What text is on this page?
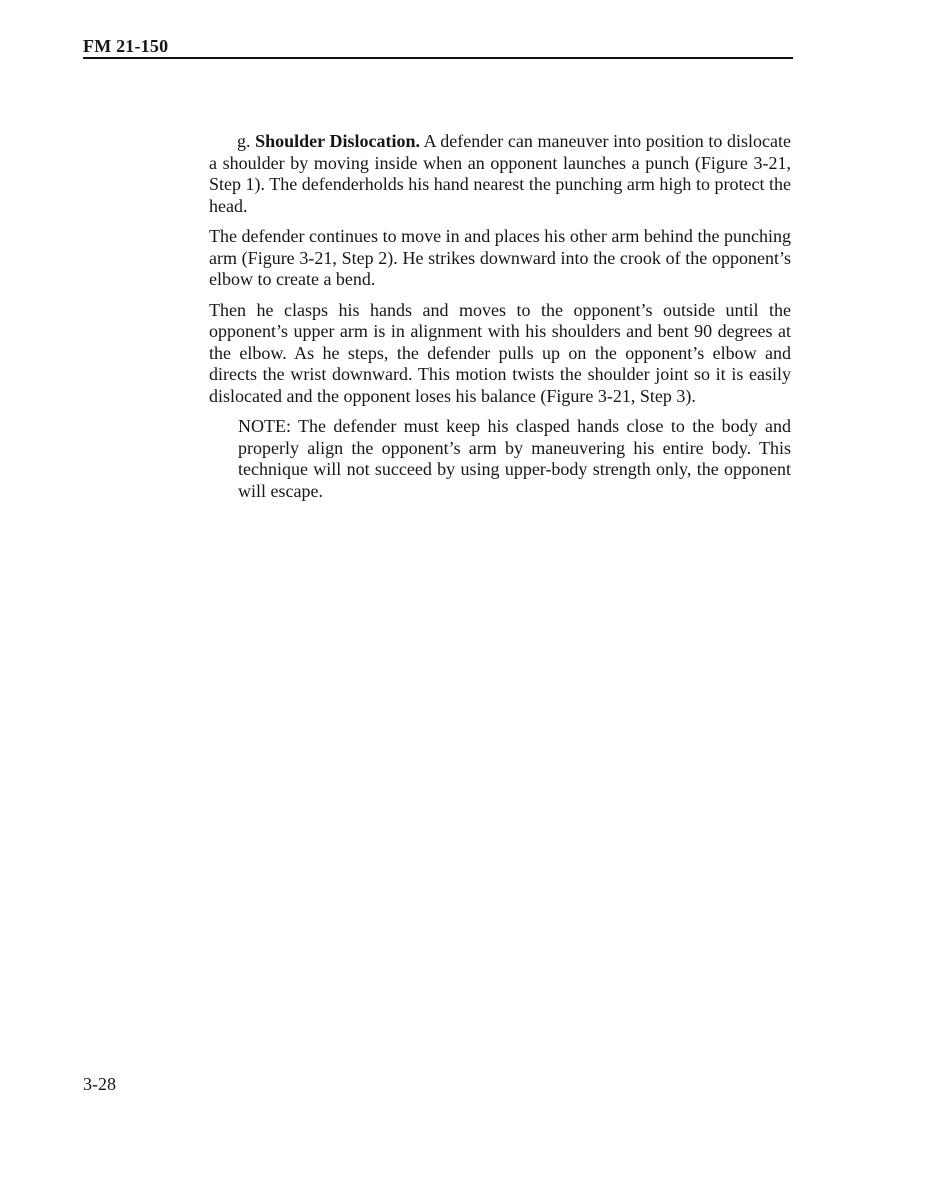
FM 21-150

g. Shoulder Dislocation. A defender can maneuver into position to dislocate a shoulder by moving inside when an opponent launches a punch (Figure 3-21, Step 1). The defenderholds his hand nearest the punching arm high to protect the head.

The defender continues to move in and places his other arm behind the punching arm (Figure 3-21, Step 2). He strikes downward into the crook of the opponent’s elbow to create a bend.

Then he clasps his hands and moves to the opponent’s outside until the opponent’s upper arm is in alignment with his shoulders and bent 90 degrees at the elbow. As he steps, the defender pulls up on the opponent’s elbow and directs the wrist downward. This motion twists the shoulder joint so it is easily dislocated and the opponent loses his balance (Figure 3-21, Step 3).

NOTE: The defender must keep his clasped hands close to the body and properly align the opponent’s arm by maneuvering his entire body. This technique will not succeed by using upper-body strength only, the opponent will escape.

3-28
